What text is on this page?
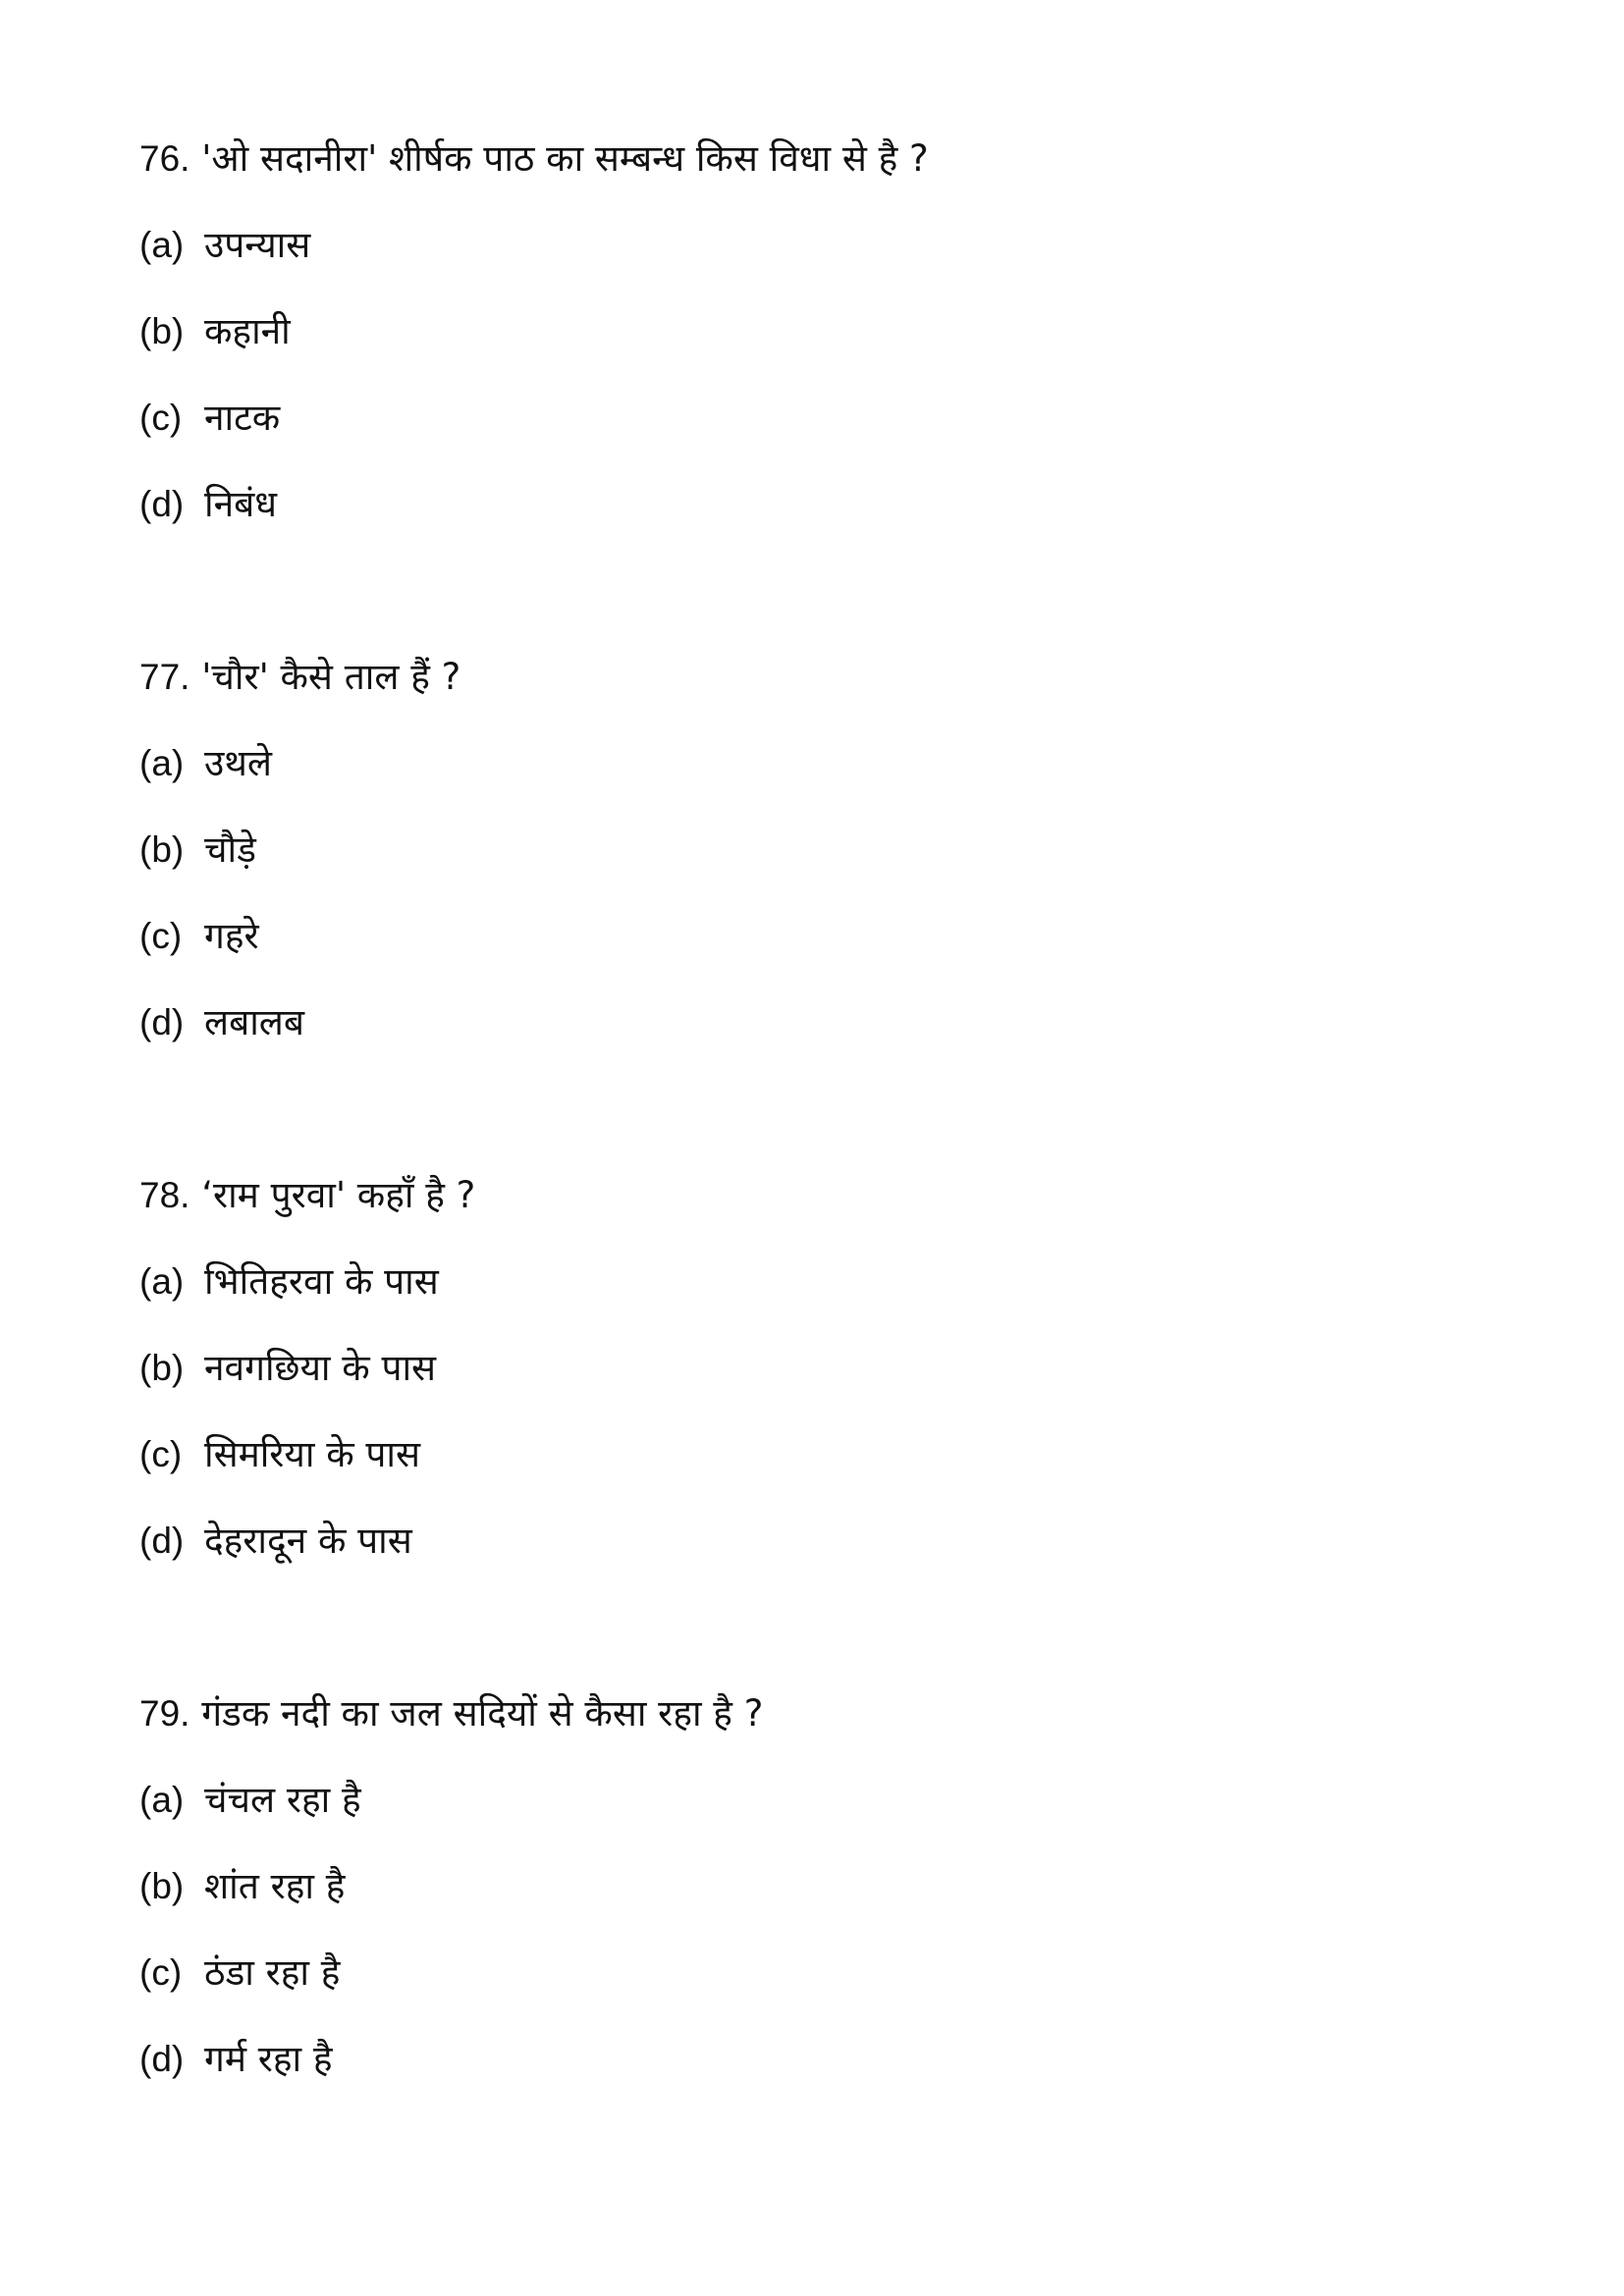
76. 'ओ सदानीरा' शीर्षक पाठ का सम्बन्ध किस विधा से है ?
(a) उपन्यास
(b) कहानी
(c) नाटक
(d) निबंध
77. 'चौर' कैसे ताल हैं ?
(a) उथले
(b) चौड़े
(c) गहरे
(d) लबालब
78. ‘राम पुरवा' कहाँ है ?
(a) भितिहरवा के पास
(b) नवगछिया के पास
(c) सिमरिया के पास
(d) देहरादून के पास
79. गंडक नदी का जल सदियों से कैसा रहा है ?
(a) चंचल रहा है
(b) शांत रहा है
(c) ठंडा रहा है
(d) गर्म रहा है
